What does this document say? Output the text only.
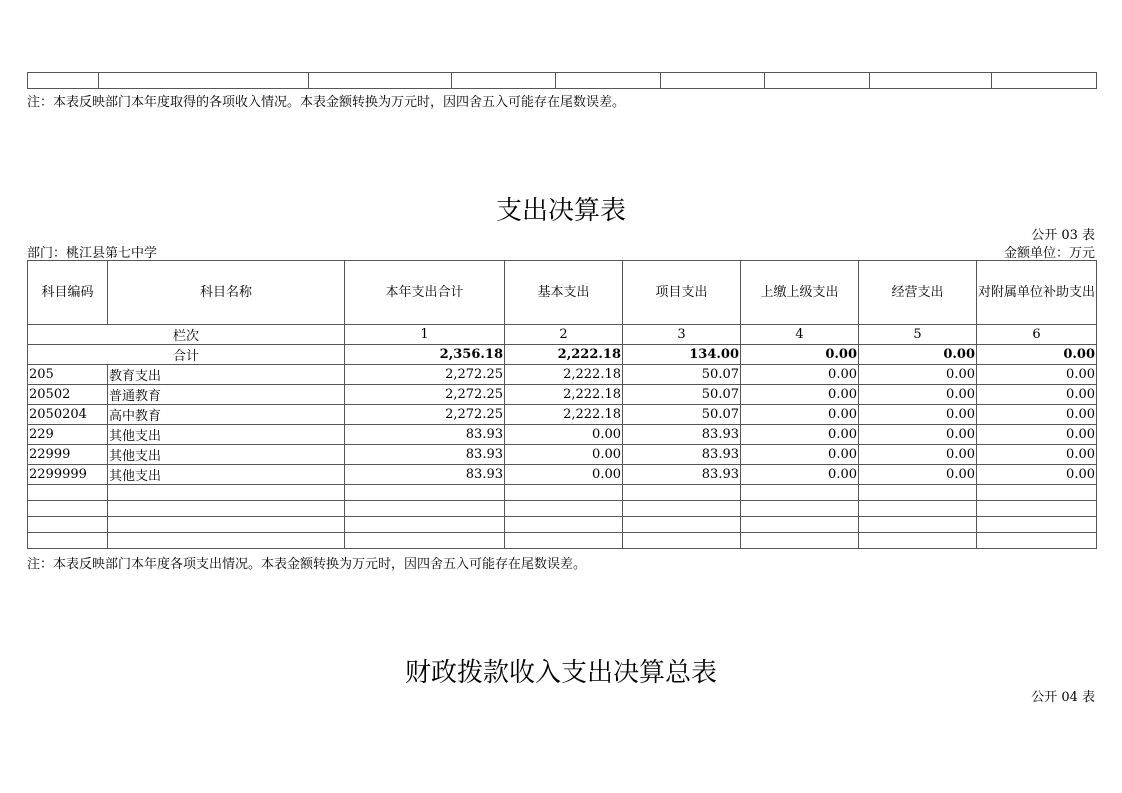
注：本表反映部门本年度取得的各项收入情况。本表金额转换为万元时，因四舍五入可能存在尾数误差。
支出决算表
公开 03 表
部门：桃江县第七中学	金额单位：万元
科目编码	科目名称	本年支出合计	基本支出	项目支出	上缴上级支出	经营支出	对附属单位补助支出
栏次		1	2	3	4	5	6
合计		2,356.18	2,222.18	134.00	0.00	0.00	0.00
205	教育支出	2,272.25	2,222.18	50.07	0.00	0.00	0.00
20502	普通教育	2,272.25	2,222.18	50.07	0.00	0.00	0.00
2050204	高中教育	2,272.25	2,222.18	50.07	0.00	0.00	0.00
229	其他支出	83.93	0.00	83.93	0.00	0.00	0.00
22999	其他支出	83.93	0.00	83.93	0.00	0.00	0.00
2299999	其他支出	83.93	0.00	83.93	0.00	0.00	0.00

注：本表反映部门本年度各项支出情况。本表金额转换为万元时，因四舍五入可能存在尾数误差。
财政拨款收入支出决算总表
公开 04 表
